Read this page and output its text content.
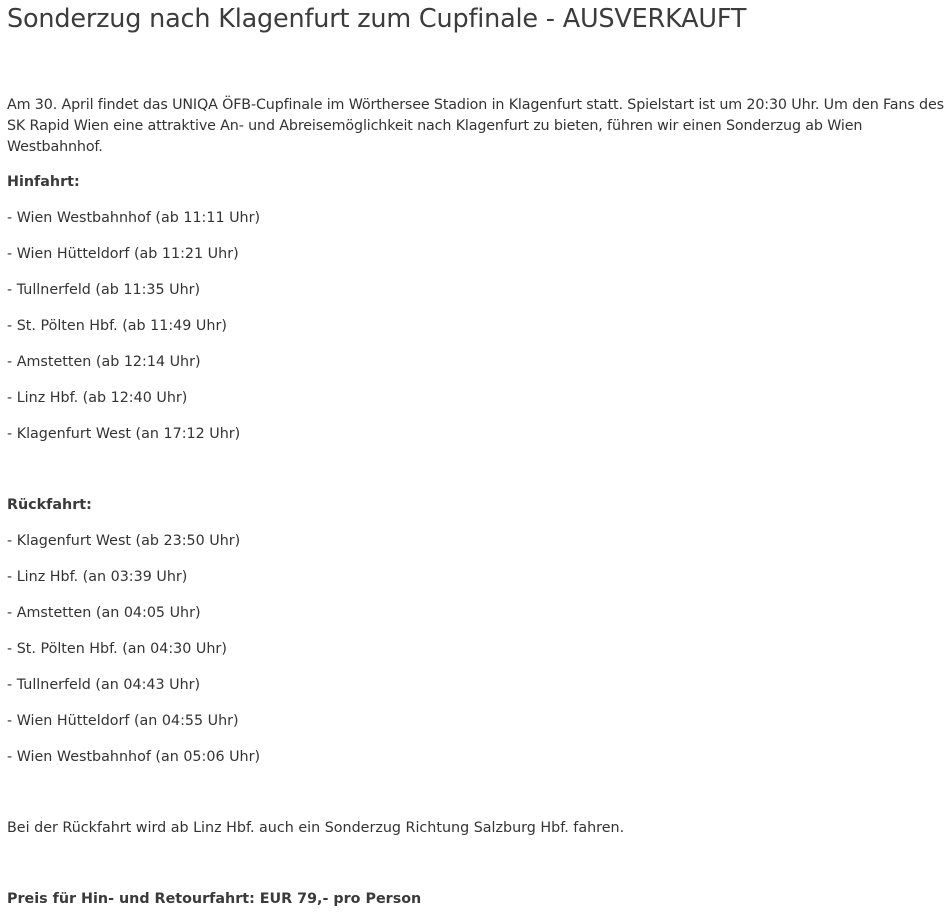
Sonderzug nach Klagenfurt zum Cupfinale - AUSVERKAUFT

Am 30. April findet das UNIQA ÖFB-Cupfinale im Wörthersee Stadion in Klagenfurt statt. Spielstart ist um 20:30 Uhr. Um den Fans des SK Rapid Wien eine attraktive An- und Abreisemöglichkeit nach Klagenfurt zu bieten, führen wir einen Sonderzug ab Wien Westbahnhof.

Hinfahrt:

- Wien Westbahnhof (ab 11:11 Uhr)
- Wien Hütteldorf (ab 11:21 Uhr)
- Tullnerfeld (ab 11:35 Uhr)
- St. Pölten Hbf. (ab 11:49 Uhr)
- Amstetten (ab 12:14 Uhr)
- Linz Hbf. (ab 12:40 Uhr)
- Klagenfurt West (an 17:12 Uhr)

Rückfahrt:

- Klagenfurt West (ab 23:50 Uhr)
- Linz Hbf. (an 03:39 Uhr)
- Amstetten (an 04:05 Uhr)
- St. Pölten Hbf. (an 04:30 Uhr)
- Tullnerfeld (an 04:43 Uhr)
- Wien Hütteldorf (an 04:55 Uhr)
- Wien Westbahnhof (an 05:06 Uhr)

Bei der Rückfahrt wird ab Linz Hbf. auch ein Sonderzug Richtung Salzburg Hbf. fahren.

Preis für Hin- und Retourfahrt: EUR 79,- pro Person
